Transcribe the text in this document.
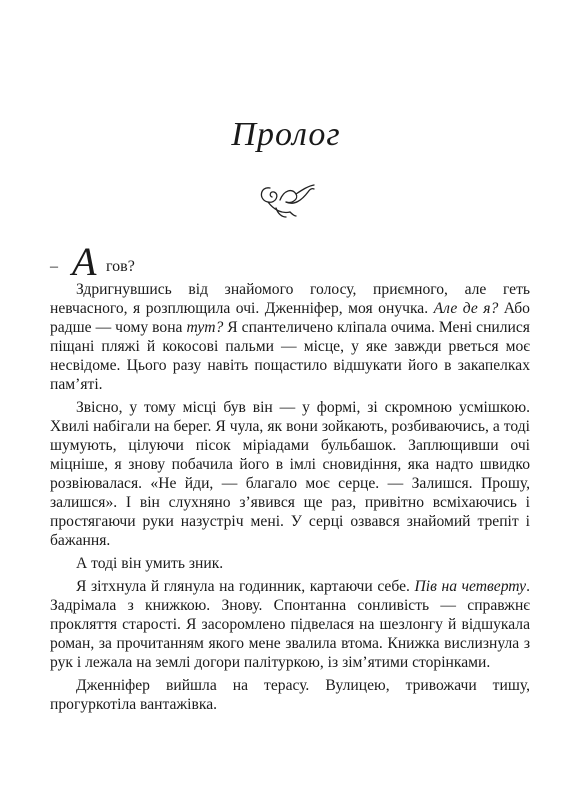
Пролог
– А гов?

Здригнувшись від знайомого голосу, приємного, але геть невчасного, я розплющила очі. Дженніфер, моя онучка. Але де я? Або радше — чому вона тут? Я спантеличено кліпала очима. Мені снилися піщані пляжі й кокосові пальми — місце, у яке завжди рветься моє несвідоме. Цього разу навіть пощастило відшукати його в закапелках пам’яті.

Звісно, у тому місці був він — у формі, зі скромною усмішкою. Хвилі набігали на берег. Я чула, як вони зойкають, розбиваючись, а тоді шумують, цілуючи пісок міріадами бульбашок. Заплющивши очі міцніше, я знову побачила його в імлі сновидіння, яка надто швидко розвіювалася. «Не йди, — благало моє серце. — Залишся. Прошу, залишся». І він слухняно з’явився ще раз, привітно всміхаючись і простягаючи руки назустріч мені. У серці озвався знайомий трепіт і бажання.

А тоді він умить зник.

Я зітхнула й глянула на годинник, картаючи себе. Пів на четверту. Задрімала з книжкою. Знову. Спонтанна сонливість — справжнє прокляття старості. Я засоромлено підвелася на шезлонгу й відшукала роман, за прочитанням якого мене звалила втома. Книжка вислизнула з рук і лежала на землі догори палітуркою, із зім’ятими сторінками.

Дженніфер вийшла на терасу. Вулицею, тривожачи тишу, прогуркотіла вантажівка.
